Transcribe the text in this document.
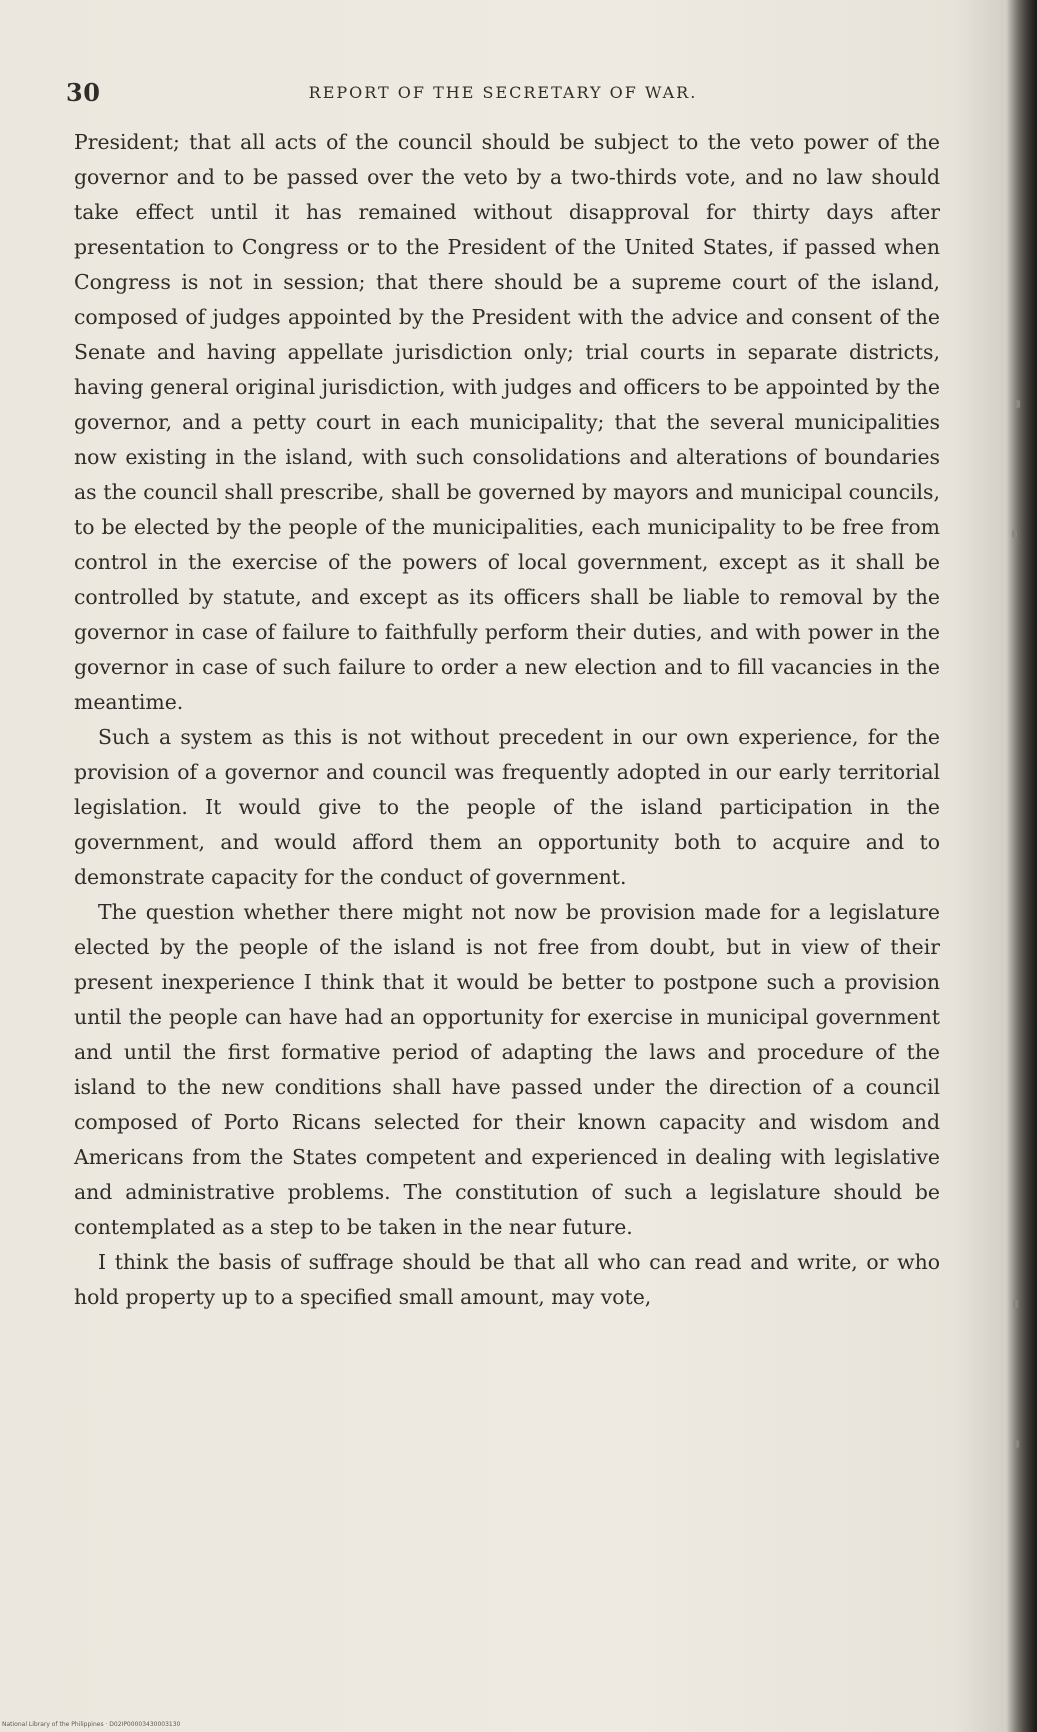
30	REPORT OF THE SECRETARY OF WAR.

President; that all acts of the council should be subject to the veto power of the governor and to be passed over the veto by a two-thirds vote, and no law should take effect until it has remained without disapproval for thirty days after presentation to Congress or to the President of the United States, if passed when Congress is not in session; that there should be a supreme court of the island, composed of judges appointed by the President with the advice and consent of the Senate and having appellate jurisdiction only; trial courts in separate districts, having general original jurisdiction, with judges and officers to be appointed by the governor, and a petty court in each municipality; that the several municipalities now existing in the island, with such consolidations and alterations of boundaries as the council shall prescribe, shall be governed by mayors and municipal councils, to be elected by the people of the municipalities, each municipality to be free from control in the exercise of the powers of local government, except as it shall be controlled by statute, and except as its officers shall be liable to removal by the governor in case of failure to faithfully perform their duties, and with power in the governor in case of such failure to order a new election and to fill vacancies in the meantime.

Such a system as this is not without precedent in our own experience, for the provision of a governor and council was frequently adopted in our early territorial legislation. It would give to the people of the island participation in the government, and would afford them an opportunity both to acquire and to demonstrate capacity for the conduct of government.

The question whether there might not now be provision made for a legislature elected by the people of the island is not free from doubt, but in view of their present inexperience I think that it would be better to postpone such a provision until the people can have had an opportunity for exercise in municipal government and until the first formative period of adapting the laws and procedure of the island to the new conditions shall have passed under the direction of a council composed of Porto Ricans selected for their known capacity and wisdom and Americans from the States competent and experienced in dealing with legislative and administrative problems. The constitution of such a legislature should be contemplated as a step to be taken in the near future.

I think the basis of suffrage should be that all who can read and write, or who hold property up to a specified small amount, may vote,

National Library of the Philippines · D02IP00003430003130
